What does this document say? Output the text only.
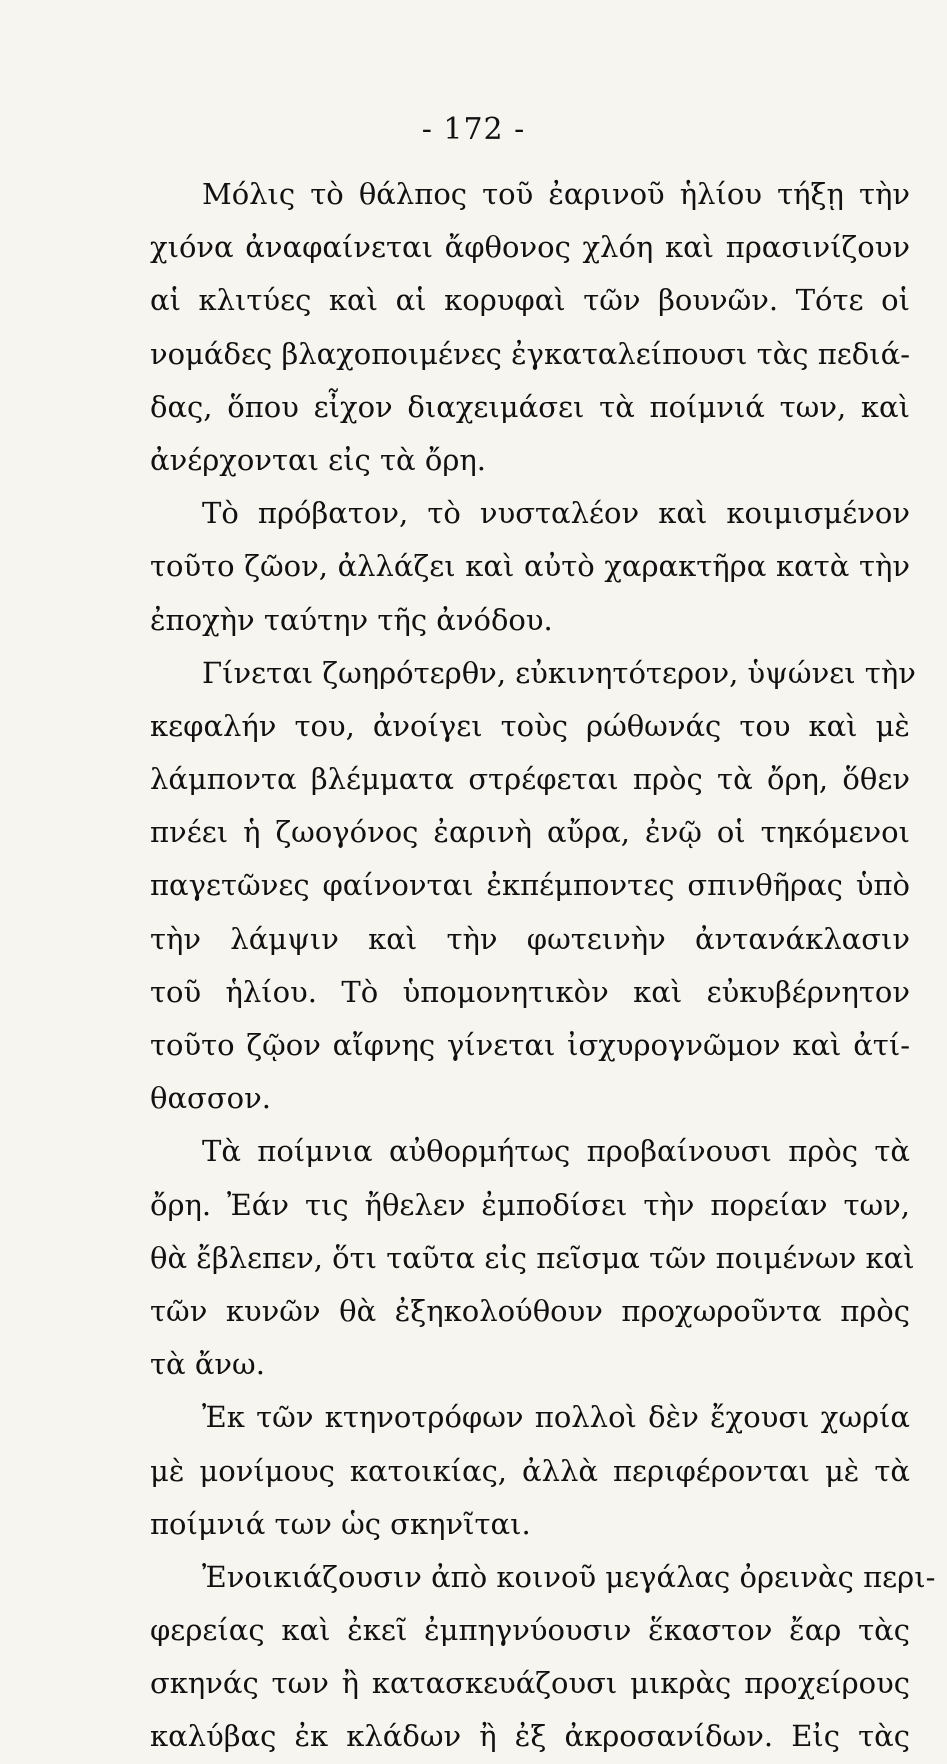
- 172 -
Μόλις τὸ θάλπος τοῦ ἐαρινοῦ ἡλίου τήξῃ τὴν
χιόνα ἀναφαίνεται ἄφθονος χλόη καὶ πρασινίζουν
αἱ κλιτύες καὶ αἱ κορυφαὶ τῶν βουνῶν. Τότε οἱ
νομάδες βλαχοποιμένες ἐγκαταλείπουσι τὰς πεδιά-
δας, ὅπου εἶχον διαχειμάσει τὰ ποίμνιά των, καὶ
ἀνέρχονται εἰς τὰ ὄρη.
Τὸ πρόβατον, τὸ νυσταλέον καὶ κοιμισμένον
τοῦτο ζῶον, ἀλλάζει καὶ αὐτὸ χαρακτῆρα κατὰ τὴν
ἐποχὴν ταύτην τῆς ἀνόδου.
Γίνεται ζωηρότερθν, εὐκινητότερον, ὑψώνει τὴν
κεφαλήν του, ἀνοίγει τοὺς ρώθωνάς του καὶ μὲ
λάμποντα βλέμματα στρέφεται πρὸς τὰ ὄρη, ὅθεν
πνέει ἡ ζωογόνος ἐαρινὴ αὔρα, ἐνῷ οἱ τηκόμενοι
παγετῶνες φαίνονται ἐκπέμποντες σπινθῆρας ὑπὸ
τὴν λάμψιν καὶ τὴν φωτεινὴν ἀντανάκλασιν
τοῦ ἡλίου. Τὸ ὑπομονητικὸν καὶ εὐκυβέρνητον
τοῦτο ζῷον αἴφνης γίνεται ἰσχυρογνῶμον καὶ ἀτί-
θασσον.
Τὰ ποίμνια αὐθορμήτως προβαίνουσι πρὸς τὰ
ὄρη. Ἐάν τις ἤθελεν ἐμποδίσει τὴν πορείαν των,
θὰ ἔβλεπεν, ὅτι ταῦτα εἰς πεῖσμα τῶν ποιμένων καὶ
τῶν κυνῶν θὰ ἐξηκολούθουν προχωροῦντα πρὸς
τὰ ἄνω.
Ἐκ τῶν κτηνοτρόφων πολλοὶ δὲν ἔχουσι χωρία
μὲ μονίμους κατοικίας, ἀλλὰ περιφέρονται μὲ τὰ
ποίμνιά των ὡς σκηνῖται.
Ἐνοικιάζουσιν ἀπὸ κοινοῦ μεγάλας ὀρεινὰς περι-
φερείας καὶ ἐκεῖ ἐμπηγνύουσιν ἕκαστον ἔαρ τὰς
σκηνάς των ἢ κατασκευάζουσι μικρὰς προχείρους
καλύβας ἐκ κλάδων ἢ ἐξ ἀκροσανίδων. Εἰς τὰς
